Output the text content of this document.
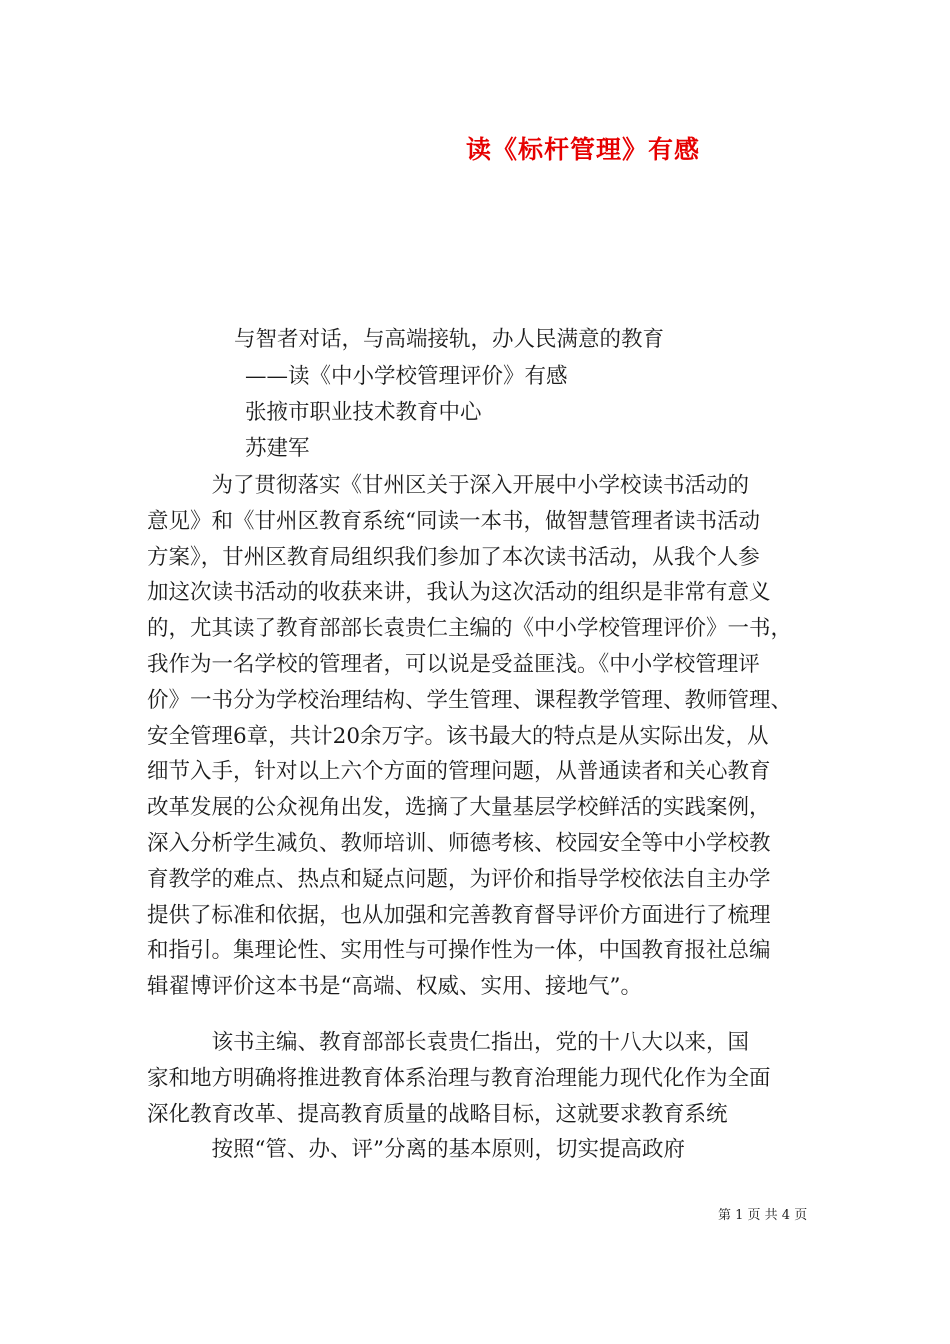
读《标杆管理》有感
与智者对话，与高端接轨，办人民满意的教育
——读《中小学校管理评价》有感
张掖市职业技术教育中心
苏建军
　　　为了贯彻落实《甘州区关于深入开展中小学校读书活动的
意见》和《甘州区教育系统“同读一本书，做智慧管理者读书活动
方案》，甘州区教育局组织我们参加了本次读书活动，从我个人参
加这次读书活动的收获来讲，我认为这次活动的组织是非常有意义
的，尤其读了教育部部长袁贵仁主编的《中小学校管理评价》一书，
我作为一名学校的管理者，可以说是受益匪浅。《中小学校管理评
价》一书分为学校治理结构、学生管理、课程教学管理、教师管理、
安全管理6章，共计20余万字。该书最大的特点是从实际出发，从
细节入手，针对以上六个方面的管理问题，从普通读者和关心教育
改革发展的公众视角出发，选摘了大量基层学校鲜活的实践案例，
深入分析学生减负、教师培训、师德考核、校园安全等中小学校教
育教学的难点、热点和疑点问题，为评价和指导学校依法自主办学
提供了标准和依据，也从加强和完善教育督导评价方面进行了梳理
和指引。集理论性、实用性与可操作性为一体，中国教育报社总编
辑翟博评价这本书是“高端、权威、实用、接地气”。
　　　该书主编、教育部部长袁贵仁指出，党的十八大以来，国
家和地方明确将推进教育体系治理与教育治理能力现代化作为全面
深化教育改革、提高教育质量的战略目标，这就要求教育系统
　　　按照“管、办、评”分离的基本原则，切实提高政府
第 1 页 共 4 页
